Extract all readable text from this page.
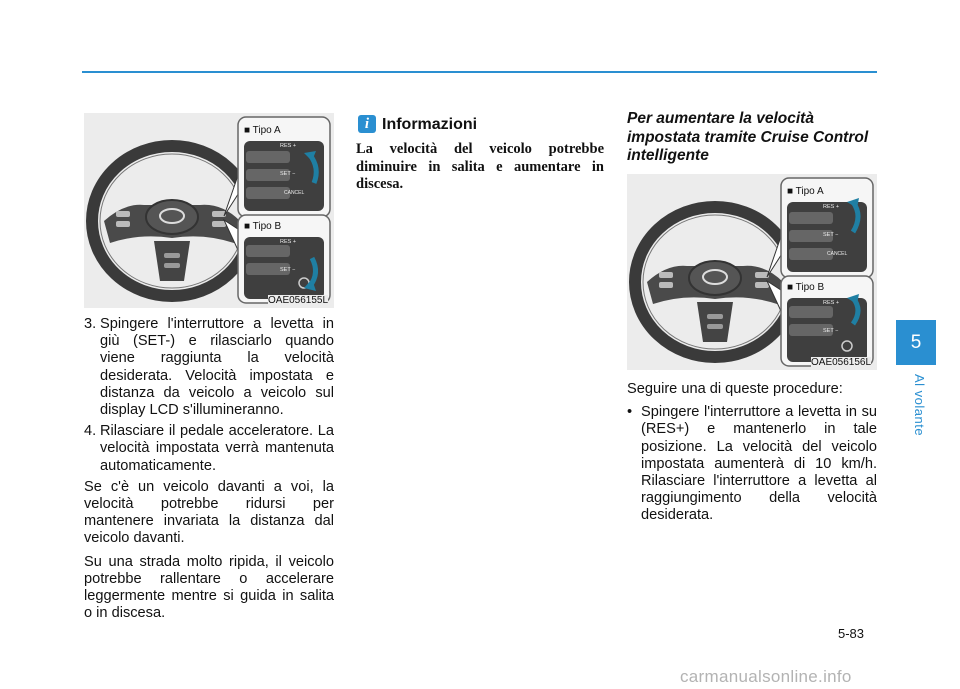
■ Tipo A
RES +
SET −
CANCEL
■ Tipo B
RES +
SET −
OAE056155L
3. Spingere l'interruttore a levetta in giù (SET-) e rilasciarlo quando viene raggiunta la velocità desiderata. Velocità impostata e distanza da veicolo a veicolo sul display LCD s'illumineranno.
4. Rilasciare il pedale acceleratore. La velocità impostata verrà mantenuta automaticamente.

Se c'è un veicolo davanti a voi, la velocità potrebbe ridursi per mantenere invariata la distanza dal veicolo davanti.

Su una strada molto ripida, il veicolo potrebbe rallentare o accelerare leggermente mentre si guida in salita o in discesa.

i Informazioni
La velocità del veicolo potrebbe diminuire in salita e aumentare in discesa.
Per aumentare la velocità impostata tramite Cruise Control intelligente
■ Tipo A
RES +
SET −
CANCEL
■ Tipo B
RES +
SET −
OAE056156L

Seguire una di queste procedure:

• Spingere l'interruttore a levetta in su (RES+) e mantenerlo in tale posizione. La velocità del veicolo impostata aumenterà di 10 km/h. Rilasciare l'interruttore a levetta al raggiungimento della velocità desiderata.
5
Al volante
5-83
carmanualsonline.info
